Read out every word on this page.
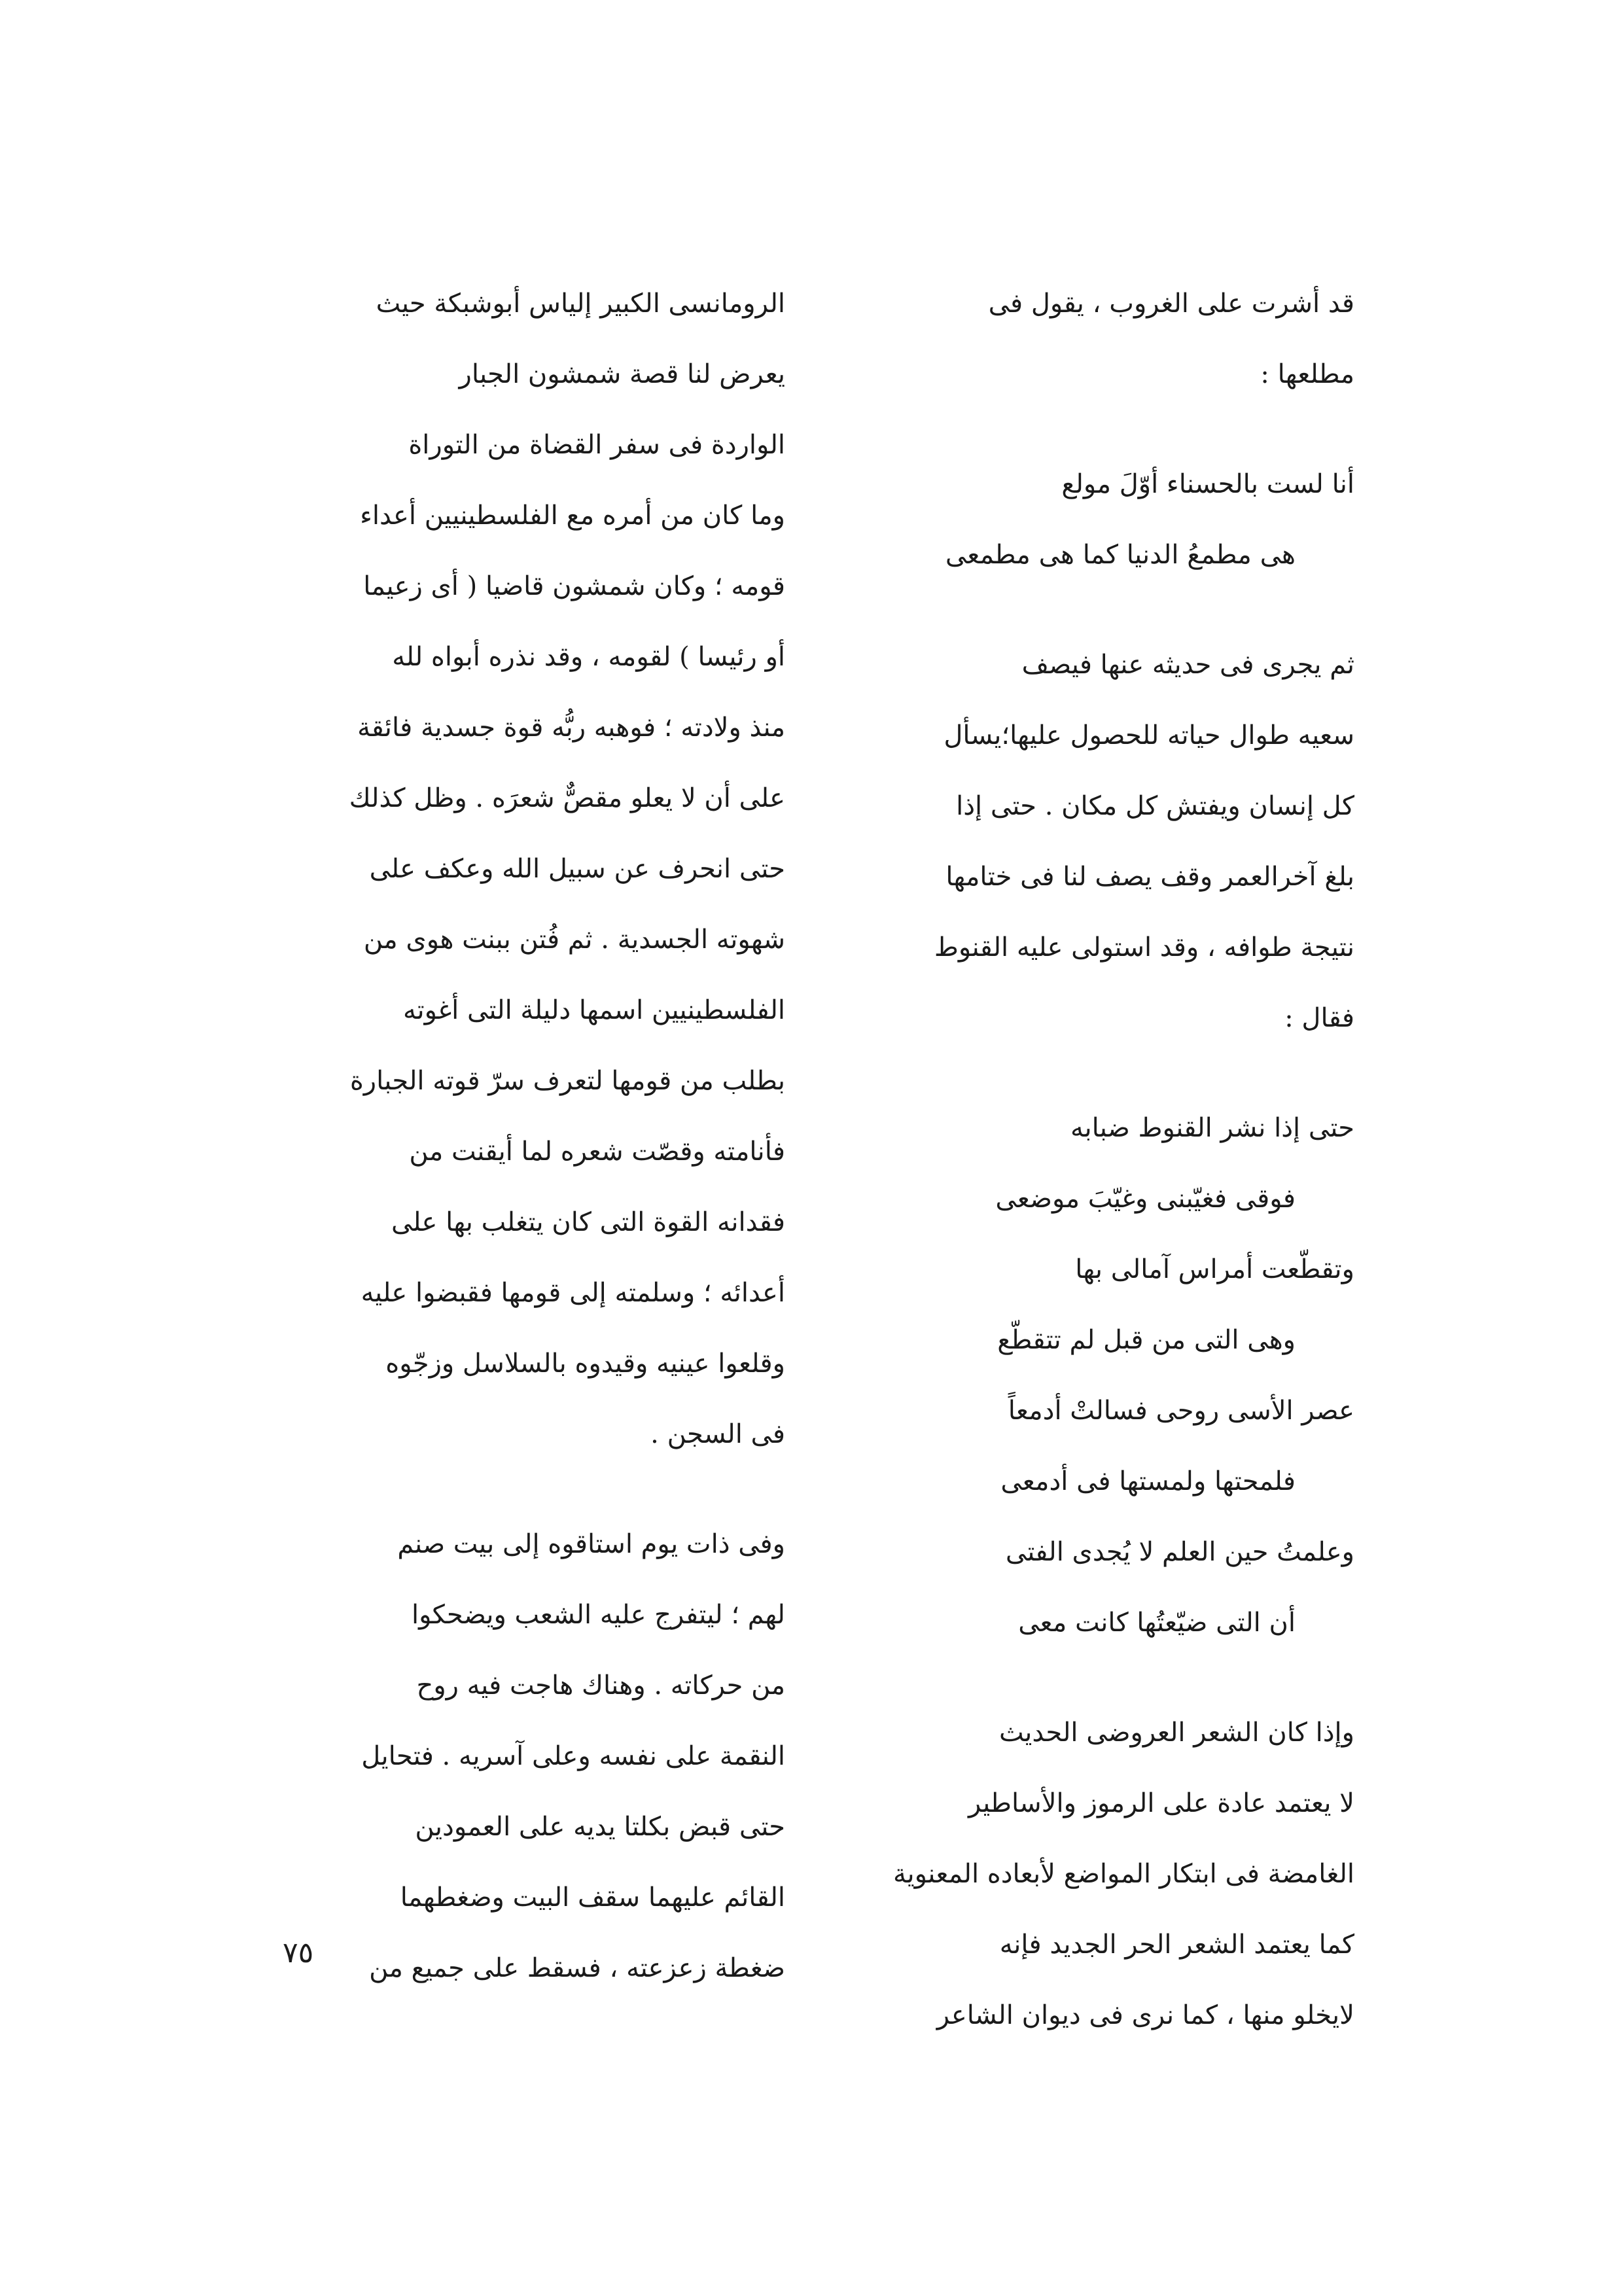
قد أشرت على الغروب ، يقول فى
مطلعها :
أنا لست بالحسناء أوّلَ مولع
هى مطمعُ الدنيا كما هى مطمعى
ثم يجرى فى حديثه عنها فيصف
سعيه طوال حياته للحصول عليها؛يسأل
كل إنسان ويفتش كل مكان . حتى إذا
بلغ آخرالعمر وقف يصف لنا فى ختامها
نتيجة طوافه ، وقد استولى عليه القنوط
فقال :
حتى إذا نشر القنوط ضبابه
فوقى فغيّبنى وغيّبَ موضعى
وتقطّعت أمراس آمالى بها
وهى التى من قبل لم تتقطّع
عصر الأسى روحى فسالتْ أدمعاً
فلمحتها ولمستها فى أدمعى
وعلمتُ حين العلم لا يُجدى الفتى
أن التى ضيّعتُها كانت معى
وإذا كان الشعر العروضى الحديث
لا يعتمد عادة على الرموز والأساطير
الغامضة فى ابتكار المواضع لأبعاده المعنوية
كما يعتمد الشعر الحر الجديد فإنه
لايخلو منها ، كما نرى فى ديوان الشاعر
الرومانسى الكبير إلياس أبوشبكة حيث
يعرض لنا قصة شمشون الجبار
الواردة فى سفر القضاة من التوراة
وما كان من أمره مع الفلسطينيين أعداء
قومه ؛ وكان شمشون قاضيا ( أى زعيما
أو رئيسا ) لقومه ، وقد نذره أبواه لله
منذ ولادته ؛ فوهبه ربُّه قوة جسدية فائقة
على أن لا يعلو مقصٌّ شعرَه . وظل كذلك
حتى انحرف عن سبيل الله وعكف على
شهوته الجسدية . ثم فُتن ببنت هوى من
الفلسطينيين اسمها دليلة التى أغوته
بطلب من قومها لتعرف سرّ قوته الجبارة
فأنامته وقصّت شعره لما أيقنت من
فقدانه القوة التى كان يتغلب بها على
أعدائه ؛ وسلمته إلى قومها فقبضوا عليه
وقلعوا عينيه وقيدوه بالسلاسل وزجّوه
فى السجن .
وفى ذات يوم استاقوه إلى بيت صنم
لهم ؛ ليتفرج عليه الشعب ويضحكوا
من حركاته . وهناك هاجت فيه روح
النقمة على نفسه وعلى آسريه . فتحايل
حتى قبض بكلتا يديه على العمودين
القائم عليهما سقف البيت وضغطهما
ضغطة زعزعته ، فسقط على جميع من
٧٥
